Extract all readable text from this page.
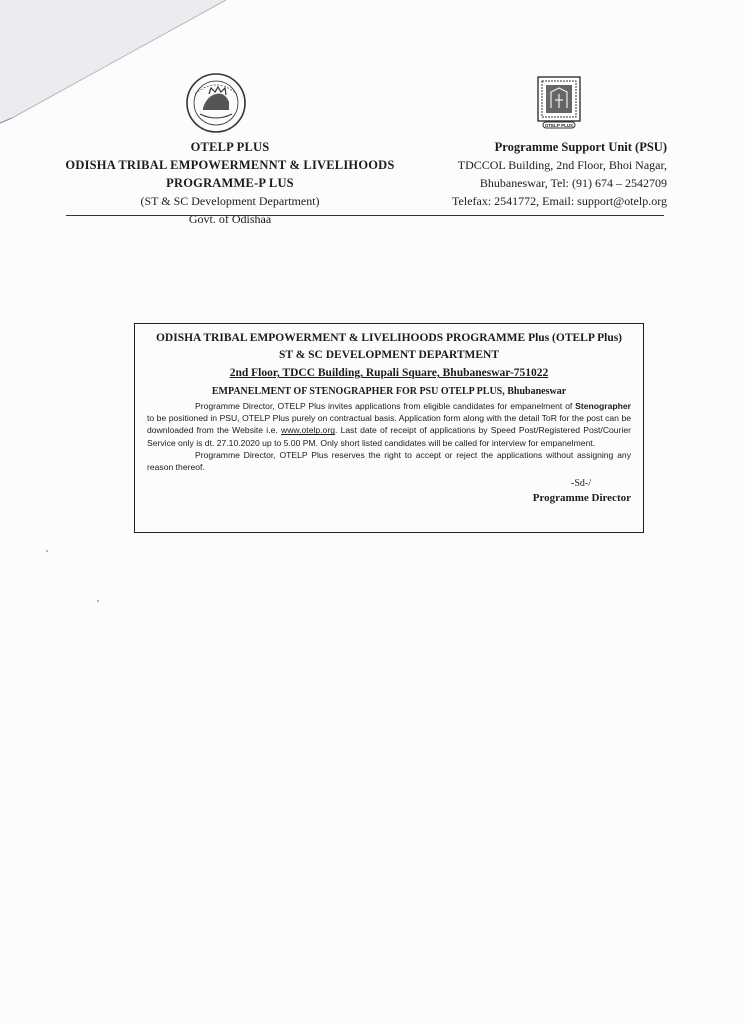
OTELP PLUS
OTELP PLUS
ODISHA TRIBAL EMPOWERMENNT & LIVELIHOODS
PROGRAMME-P LUS
(ST & SC Development Department)
Govt. of Odishaa
Programme Support Unit (PSU)
TDCCOL Building, 2nd Floor, Bhoi Nagar,
Bhubaneswar, Tel: (91) 674 – 2542709
Telefax: 2541772, Email: support@otelp.org
ODISHA TRIBAL EMPOWERMENT & LIVELIHOODS PROGRAMME Plus (OTELP Plus)
ST & SC DEVELOPMENT DEPARTMENT
2nd Floor, TDCC Building, Rupali Square, Bhubaneswar-751022
EMPANELMENT OF STENOGRAPHER FOR PSU OTELP PLUS, Bhubaneswar

Programme Director, OTELP Plus invites applications from eligible candidates for empanelment of Stenographer to be positioned in PSU, OTELP Plus purely on contractual basis. Application form along with the detail ToR for the post can be downloaded from the Website i.e. www.otelp.org. Last date of receipt of applications by Speed Post/Registered Post/Courier Service only is dt. 27.10.2020 up to 5.00 PM. Only short listed candidates will be called for interview for empanelment.

Programme Director, OTELP Plus reserves the right to accept or reject the applications without assigning any reason thereof.

-Sd-/
Programme Director
